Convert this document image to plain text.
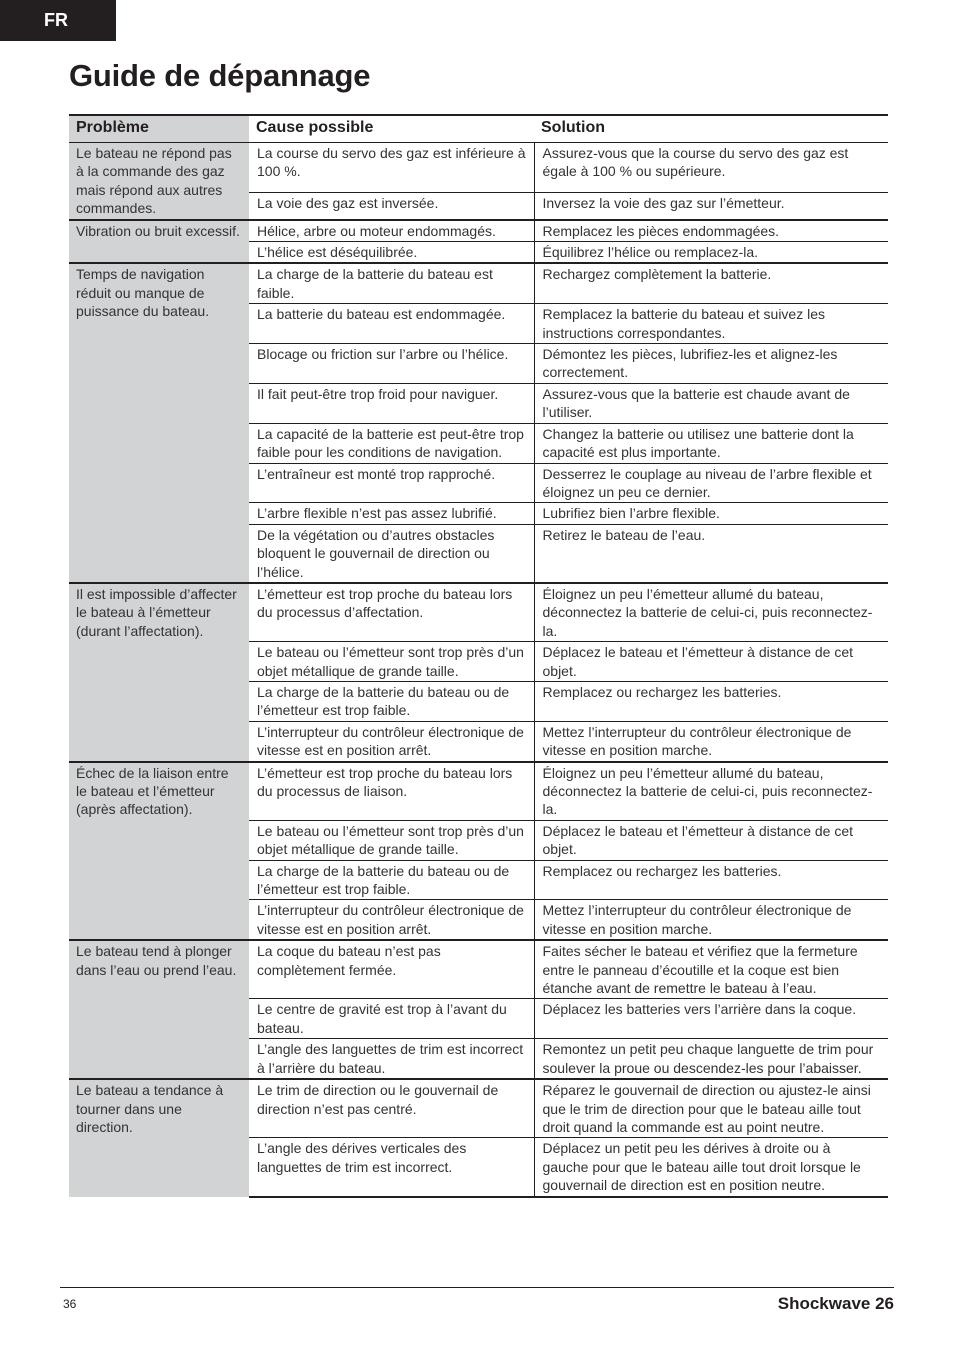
FR
Guide de dépannage
Problème	Cause possible	Solution
Le bateau ne répond pas à la commande des gaz mais répond aux autres commandes.	La course du servo des gaz est inférieure à 100 %.	Assurez-vous que la course du servo des gaz est égale à 100 % ou supérieure.
	La voie des gaz est inversée.	Inversez la voie des gaz sur l’émetteur.
Vibration ou bruit excessif.	Hélice, arbre ou moteur endommagés.	Remplacez les pièces endommagées.
	L’hélice est déséquilibrée.	Équilibrez l’hélice ou remplacez-la.
Temps de navigation réduit ou manque de puissance du bateau.	La charge de la batterie du bateau est faible.	Rechargez complètement la batterie.
	La batterie du bateau est endommagée.	Remplacez la batterie du bateau et suivez les instructions correspondantes.
	Blocage ou friction sur l’arbre ou l’hélice.	Démontez les pièces, lubrifiez-les et alignez-les correctement.
	Il fait peut-être trop froid pour naviguer.	Assurez-vous que la batterie est chaude avant de l’utiliser.
	La capacité de la batterie est peut-être trop faible pour les conditions de navigation.	Changez la batterie ou utilisez une batterie dont la capacité est plus importante.
	L’entraîneur est monté trop rapproché.	Desserrez le couplage au niveau de l’arbre flexible et éloignez un peu ce dernier.
	L’arbre flexible n’est pas assez lubrifié.	Lubrifiez bien l’arbre flexible.
	De la végétation ou d’autres obstacles bloquent le gouvernail de direction ou l’hélice.	Retirez le bateau de l’eau.
Il est impossible d’affecter le bateau à l’émetteur (durant l’affectation).	L’émetteur est trop proche du bateau lors du processus d’affectation.	Éloignez un peu l’émetteur allumé du bateau, déconnectez la batterie de celui-ci, puis reconnectez-la.
	Le bateau ou l’émetteur sont trop près d’un objet métallique de grande taille.	Déplacez le bateau et l’émetteur à distance de cet objet.
	La charge de la batterie du bateau ou de l’émetteur est trop faible.	Remplacez ou rechargez les batteries.
	L’interrupteur du contrôleur électronique de vitesse est en position arrêt.	Mettez l’interrupteur du contrôleur électronique de vitesse en position marche.
Échec de la liaison entre le bateau et l’émetteur (après affectation).	L’émetteur est trop proche du bateau lors du processus de liaison.	Éloignez un peu l’émetteur allumé du bateau, déconnectez la batterie de celui-ci, puis reconnectez-la.
	Le bateau ou l’émetteur sont trop près d’un objet métallique de grande taille.	Déplacez le bateau et l’émetteur à distance de cet objet.
	La charge de la batterie du bateau ou de l’émetteur est trop faible.	Remplacez ou rechargez les batteries.
	L’interrupteur du contrôleur électronique de vitesse est en position arrêt.	Mettez l’interrupteur du contrôleur électronique de vitesse en position marche.
Le bateau tend à plonger dans l’eau ou prend l’eau.	La coque du bateau n’est pas complètement fermée.	Faites sécher le bateau et vérifiez que la fermeture entre le panneau d’écoutille et la coque est bien étanche avant de remettre le bateau à l’eau.
	Le centre de gravité est trop à l’avant du bateau.	Déplacez les batteries vers l’arrière dans la coque.
	L’angle des languettes de trim est incorrect à l’arrière du bateau.	Remontez un petit peu chaque languette de trim pour soulever la proue ou descendez-les pour l’abaisser.
Le bateau a tendance à tourner dans une direction.	Le trim de direction ou le gouvernail de direction n’est pas centré.	Réparez le gouvernail de direction ou ajustez-le ainsi que le trim de direction pour que le bateau aille tout droit quand la commande est au point neutre.
	L’angle des dérives verticales des languettes de trim est incorrect.	Déplacez un petit peu les dérives à droite ou à gauche pour que le bateau aille tout droit lorsque le gouvernail de direction est en position neutre.
36	Shockwave 26
